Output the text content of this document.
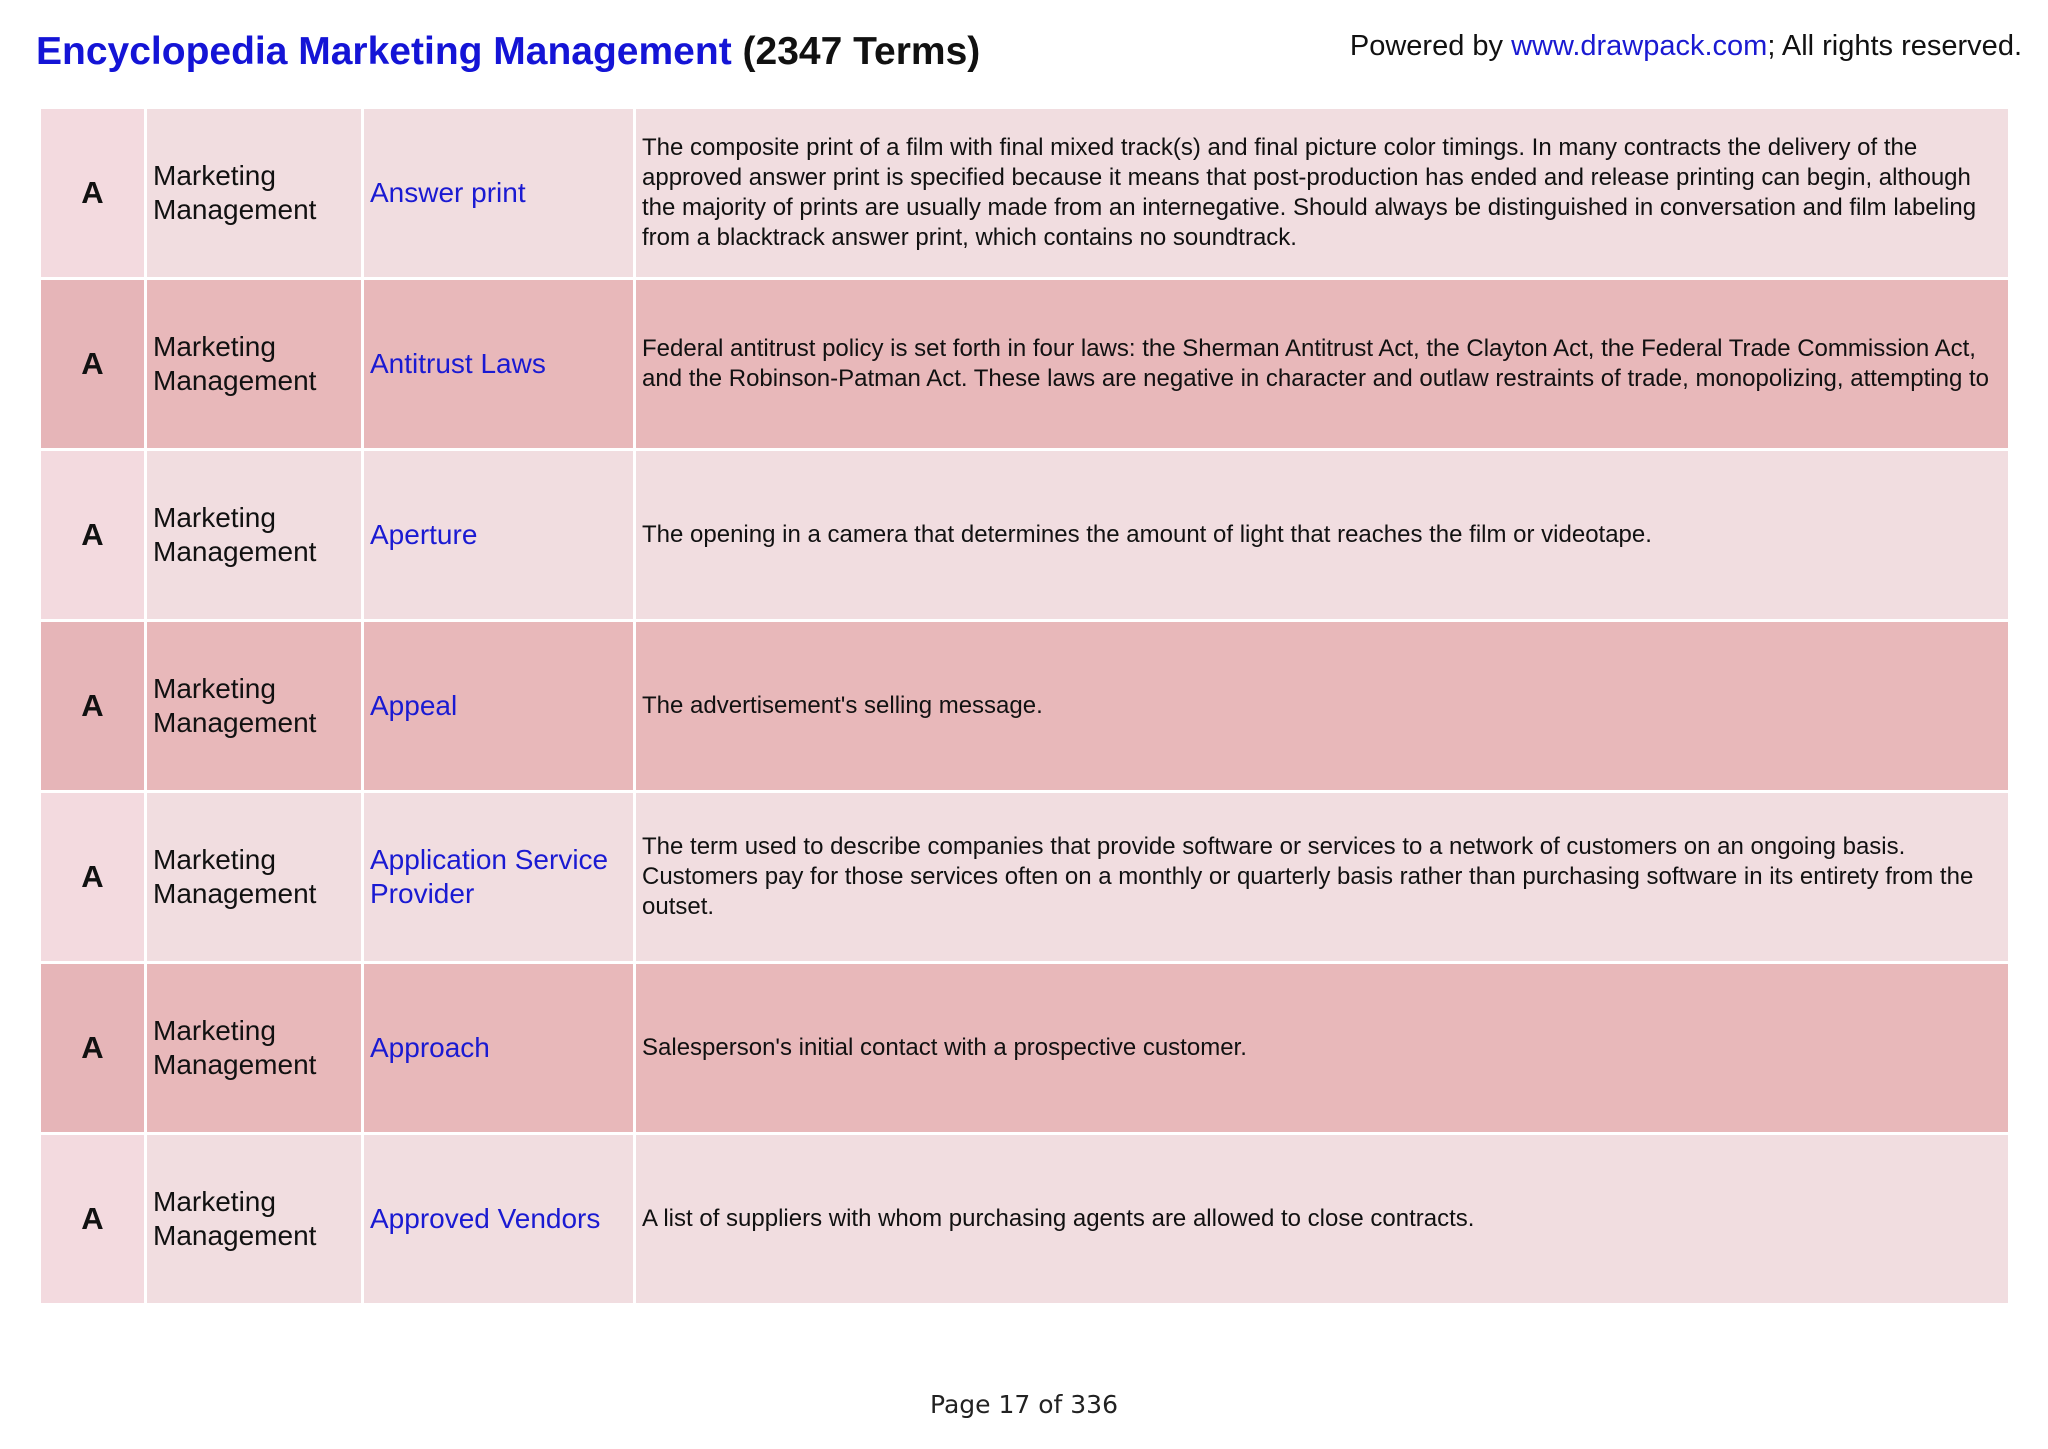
Encyclopedia Marketing Management (2347 Terms)	Powered by www.drawpack.com; All rights reserved.
A	Marketing Management	Answer print	The composite print of a film with final mixed track(s) and final picture color timings. In many contracts the delivery of the approved answer print is specified because it means that post-production has ended and release printing can begin, although the majority of prints are usually made from an internegative. Should always be distinguished in conversation and film labeling from a blacktrack answer print, which contains no soundtrack.
A	Marketing Management	Antitrust Laws	Federal antitrust policy is set forth in four laws: the Sherman Antitrust Act, the Clayton Act, the Federal Trade Commission Act, and the Robinson-Patman Act. These laws are negative in character and outlaw restraints of trade, monopolizing, attempting to
A	Marketing Management	Aperture	The opening in a camera that determines the amount of light that reaches the film or videotape.
A	Marketing Management	Appeal	The advertisement's selling message.
A	Marketing Management	Application Service Provider	The term used to describe companies that provide software or services to a network of customers on an ongoing basis. Customers pay for those services often on a monthly or quarterly basis rather than purchasing software in its entirety from the outset.
A	Marketing Management	Approach	Salesperson's initial contact with a prospective customer.
A	Marketing Management	Approved Vendors	A list of suppliers with whom purchasing agents are allowed to close contracts.
Page 17 of 336
